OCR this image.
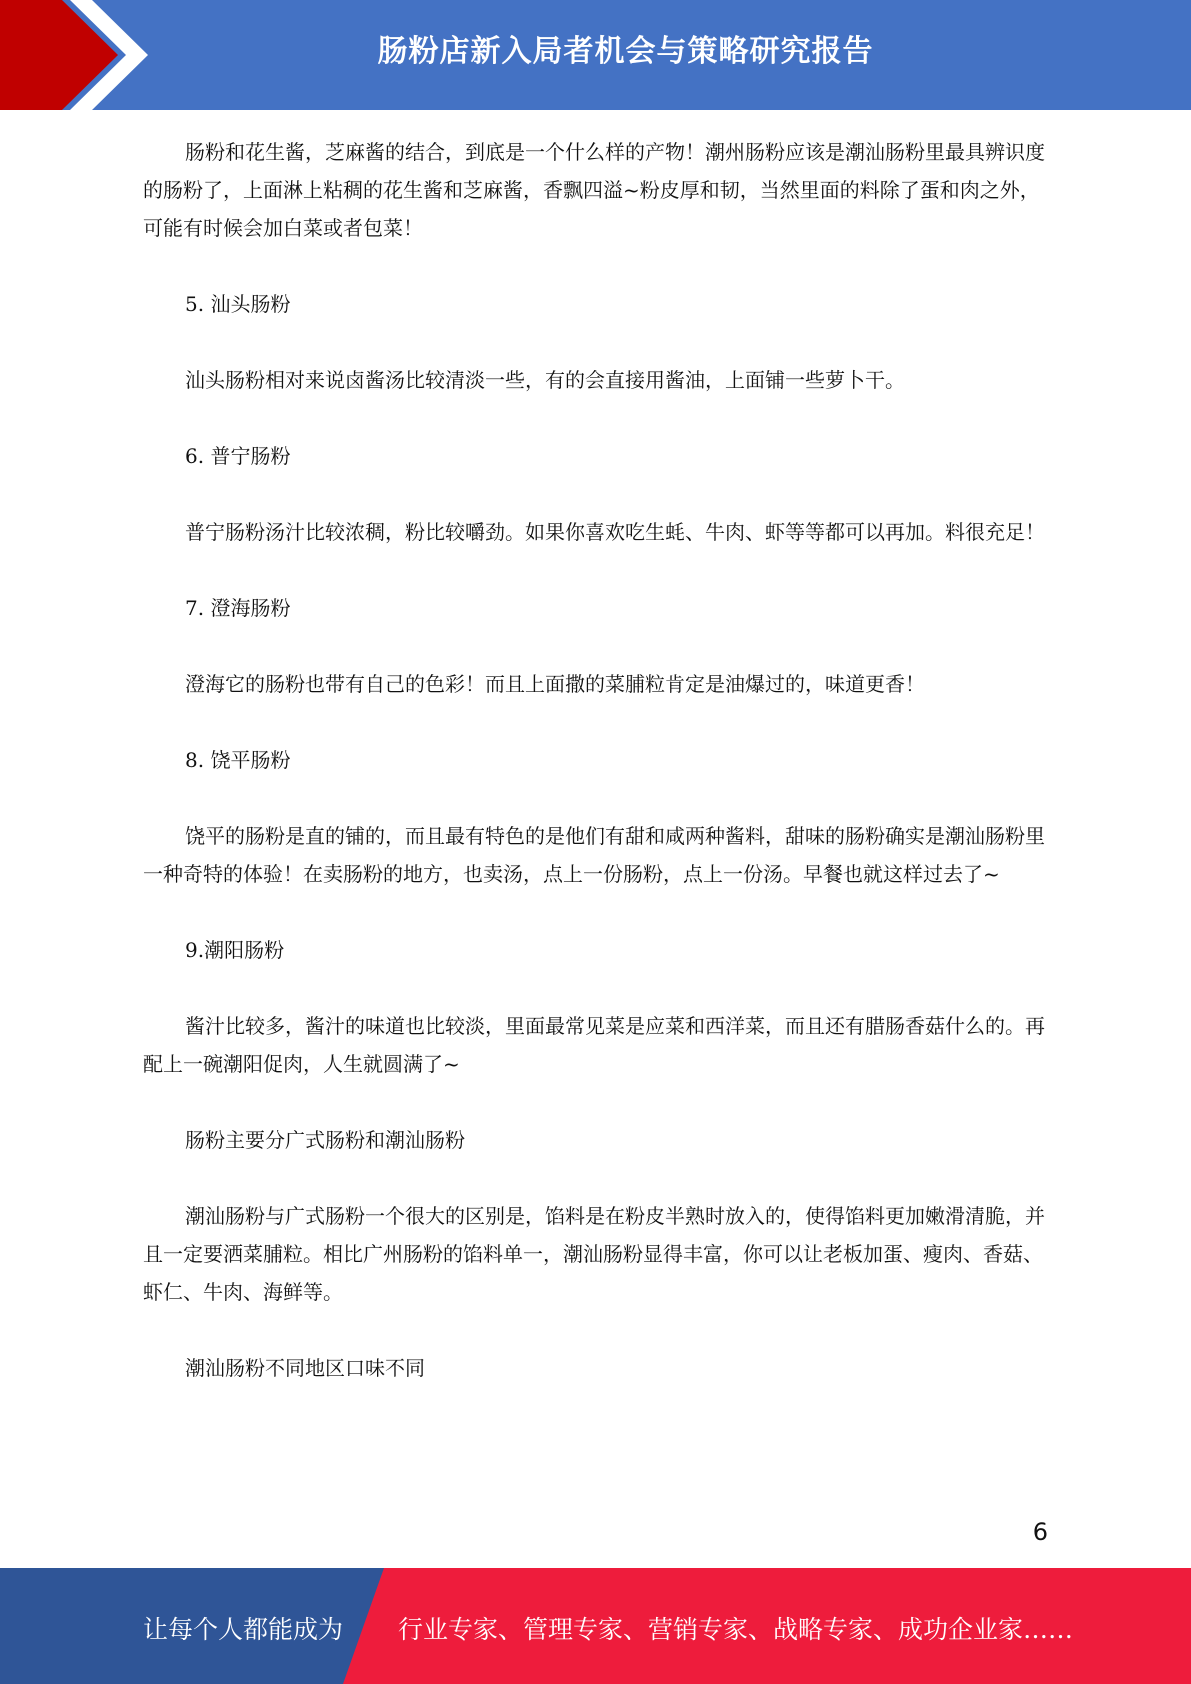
肠粉店新入局者机会与策略研究报告

肠粉和花生酱，芝麻酱的结合，到底是一个什么样的产物！潮州肠粉应该是潮汕肠粉里最具辨识度的肠粉了，上面淋上粘稠的花生酱和芝麻酱，香飘四溢~粉皮厚和韧，当然里面的料除了蛋和肉之外，可能有时候会加白菜或者包菜！

5. 汕头肠粉

汕头肠粉相对来说卤酱汤比较清淡一些，有的会直接用酱油，上面铺一些萝卜干。

6. 普宁肠粉

普宁肠粉汤汁比较浓稠，粉比较嚼劲。如果你喜欢吃生蚝、牛肉、虾等等都可以再加。料很充足！

7. 澄海肠粉

澄海它的肠粉也带有自己的色彩！而且上面撒的菜脯粒肯定是油爆过的，味道更香！

8. 饶平肠粉

饶平的肠粉是直的铺的，而且最有特色的是他们有甜和咸两种酱料，甜味的肠粉确实是潮汕肠粉里一种奇特的体验！在卖肠粉的地方，也卖汤，点上一份肠粉，点上一份汤。早餐也就这样过去了~

9.潮阳肠粉

酱汁比较多，酱汁的味道也比较淡，里面最常见菜是应菜和西洋菜，而且还有腊肠香菇什么的。再配上一碗潮阳促肉，人生就圆满了~

肠粉主要分广式肠粉和潮汕肠粉

潮汕肠粉与广式肠粉一个很大的区别是，馅料是在粉皮半熟时放入的，使得馅料更加嫩滑清脆，并且一定要洒菜脯粒。相比广州肠粉的馅料单一，潮汕肠粉显得丰富，你可以让老板加蛋、瘦肉、香菇、虾仁、牛肉、海鲜等。

潮汕肠粉不同地区口味不同

6
让每个人都能成为 行业专家、管理专家、营销专家、战略专家、成功企业家……
